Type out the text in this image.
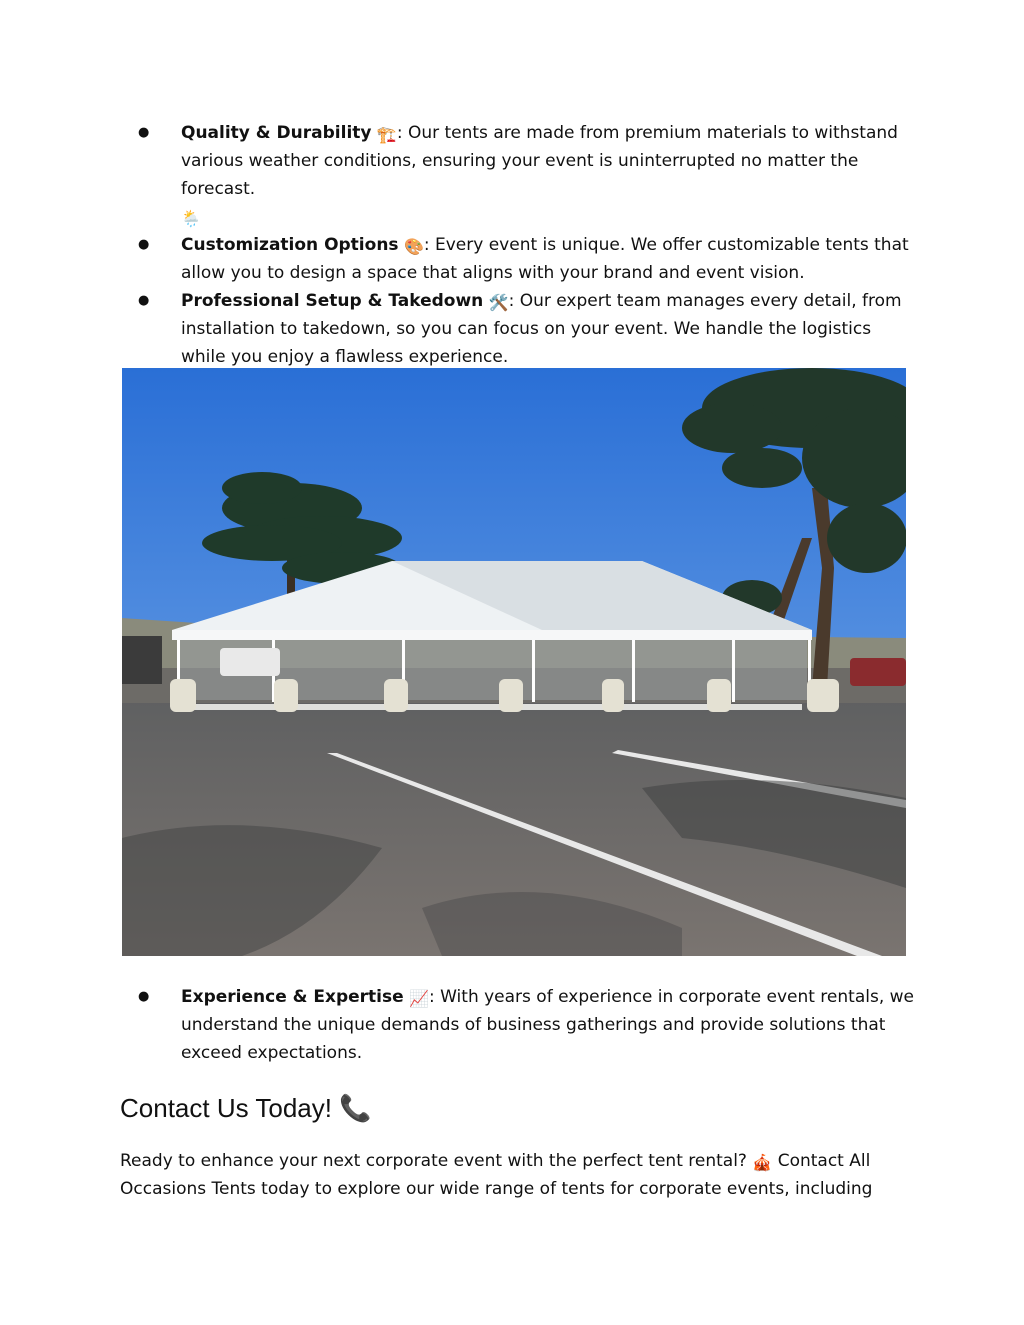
● Quality & Durability 🏗️: Our tents are made from premium materials to withstand various weather conditions, ensuring your event is uninterrupted no matter the forecast.
🌦️
● Customization Options 🎨: Every event is unique. We offer customizable tents that allow you to design a space that aligns with your brand and event vision.
● Professional Setup & Takedown 🛠️: Our expert team manages every detail, from installation to takedown, so you can focus on your event. We handle the logistics while you enjoy a flawless experience.
● Experience & Expertise 📈: With years of experience in corporate event rentals, we understand the unique demands of business gatherings and provide solutions that exceed expectations.
Contact Us Today! 📞

Ready to enhance your next corporate event with the perfect tent rental? 🎪 Contact All Occasions Tents today to explore our wide range of tents for corporate events, including
